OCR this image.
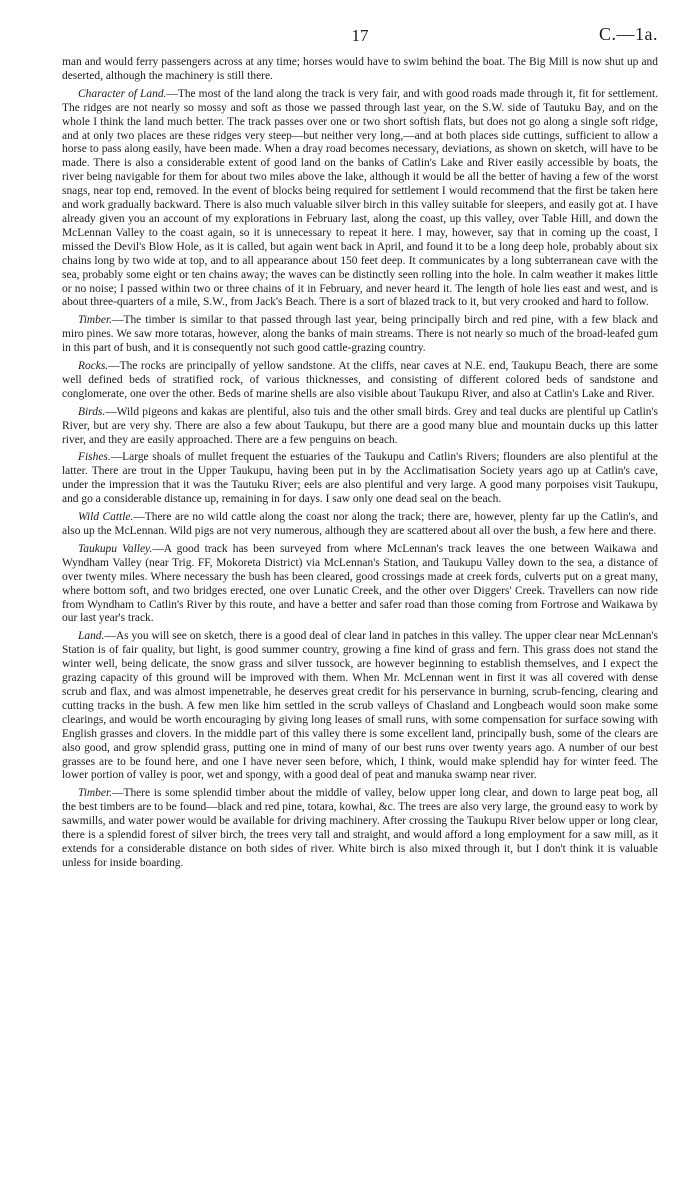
17	C.—1a.

man and would ferry passengers across at any time; horses would have to swim behind the boat. The Big Mill is now shut up and deserted, although the machinery is still there.

Character of Land.—The most of the land along the track is very fair, and with good roads made through it, fit for settlement. The ridges are not nearly so mossy and soft as those we passed through last year, on the S.W. side of Tautuku Bay, and on the whole I think the land much better. The track passes over one or two short softish flats, but does not go along a single soft ridge, and at only two places are these ridges very steep—but neither very long,—and at both places side cuttings, sufficient to allow a horse to pass along easily, have been made. When a dray road becomes necessary, deviations, as shown on sketch, will have to be made. There is also a considerable extent of good land on the banks of Catlin's Lake and River easily accessible by boats, the river being navigable for them for about two miles above the lake, although it would be all the better of having a few of the worst snags, near top end, removed. In the event of blocks being required for settlement I would recommend that the first be taken here and work gradually backward. There is also much valuable silver birch in this valley suitable for sleepers, and easily got at. I have already given you an account of my explorations in February last, along the coast, up this valley, over Table Hill, and down the McLennan Valley to the coast again, so it is unnecessary to repeat it here. I may, however, say that in coming up the coast, I missed the Devil's Blow Hole, as it is called, but again went back in April, and found it to be a long deep hole, probably about six chains long by two wide at top, and to all appearance about 150 feet deep. It communicates by a long subterranean cave with the sea, probably some eight or ten chains away; the waves can be distinctly seen rolling into the hole. In calm weather it makes little or no noise; I passed within two or three chains of it in February, and never heard it. The length of hole lies east and west, and is about three-quarters of a mile, S.W., from Jack's Beach. There is a sort of blazed track to it, but very crooked and hard to follow.

Timber.—The timber is similar to that passed through last year, being principally birch and red pine, with a few black and miro pines. We saw more totaras, however, along the banks of main streams. There is not nearly so much of the broad-leafed gum in this part of bush, and it is consequently not such good cattle-grazing country.

Rocks.—The rocks are principally of yellow sandstone. At the cliffs, near caves at N.E. end, Taukupu Beach, there are some well defined beds of stratified rock, of various thicknesses, and consisting of different colored beds of sandstone and conglomerate, one over the other. Beds of marine shells are also visible about Taukupu River, and also at Catlin's Lake and River.

Birds.—Wild pigeons and kakas are plentiful, also tuis and the other small birds. Grey and teal ducks are plentiful up Catlin's River, but are very shy. There are also a few about Taukupu, but there are a good many blue and mountain ducks up this latter river, and they are easily approached. There are a few penguins on beach.

Fishes.—Large shoals of mullet frequent the estuaries of the Taukupu and Catlin's Rivers; flounders are also plentiful at the latter. There are trout in the Upper Taukupu, having been put in by the Acclimatisation Society years ago up at Catlin's cave, under the impression that it was the Tautuku River; eels are also plentiful and very large. A good many porpoises visit Taukupu, and go a considerable distance up, remaining in for days. I saw only one dead seal on the beach.

Wild Cattle.—There are no wild cattle along the coast nor along the track; there are, however, plenty far up the Catlin's, and also up the McLennan. Wild pigs are not very numerous, although they are scattered about all over the bush, a few here and there.

Taukupu Valley.—A good track has been surveyed from where McLennan's track leaves the one between Waikawa and Wyndham Valley (near Trig. FF, Mokoreta District) via McLennan's Station, and Taukupu Valley down to the sea, a distance of over twenty miles. Where necessary the bush has been cleared, good crossings made at creek fords, culverts put on a great many, where bottom soft, and two bridges erected, one over Lunatic Creek, and the other over Diggers' Creek. Travellers can now ride from Wyndham to Catlin's River by this route, and have a better and safer road than those coming from Fortrose and Waikawa by our last year's track.

Land.—As you will see on sketch, there is a good deal of clear land in patches in this valley. The upper clear near McLennan's Station is of fair quality, but light, is good summer country, growing a fine kind of grass and fern. This grass does not stand the winter well, being delicate, the snow grass and silver tussock, are however beginning to establish themselves, and I expect the grazing capacity of this ground will be improved with them. When Mr. McLennan went in first it was all covered with dense scrub and flax, and was almost impenetrable, he deserves great credit for his perservance in burning, scrub-fencing, clearing and cutting tracks in the bush. A few men like him settled in the scrub valleys of Chasland and Longbeach would soon make some clearings, and would be worth encouraging by giving long leases of small runs, with some compensation for surface sowing with English grasses and clovers. In the middle part of this valley there is some excellent land, principally bush, some of the clears are also good, and grow splendid grass, putting one in mind of many of our best runs over twenty years ago. A number of our best grasses are to be found here, and one I have never seen before, which, I think, would make splendid hay for winter feed. The lower portion of valley is poor, wet and spongy, with a good deal of peat and manuka swamp near river.

Timber.—There is some splendid timber about the middle of valley, below upper long clear, and down to large peat bog, all the best timbers are to be found—black and red pine, totara, kowhai, &c. The trees are also very large, the ground easy to work by sawmills, and water power would be available for driving machinery. After crossing the Taukupu River below upper or long clear, there is a splendid forest of silver birch, the trees very tall and straight, and would afford a long employment for a saw mill, as it extends for a considerable distance on both sides of river. White birch is also mixed through it, but I don't think it is valuable unless for inside boarding.
